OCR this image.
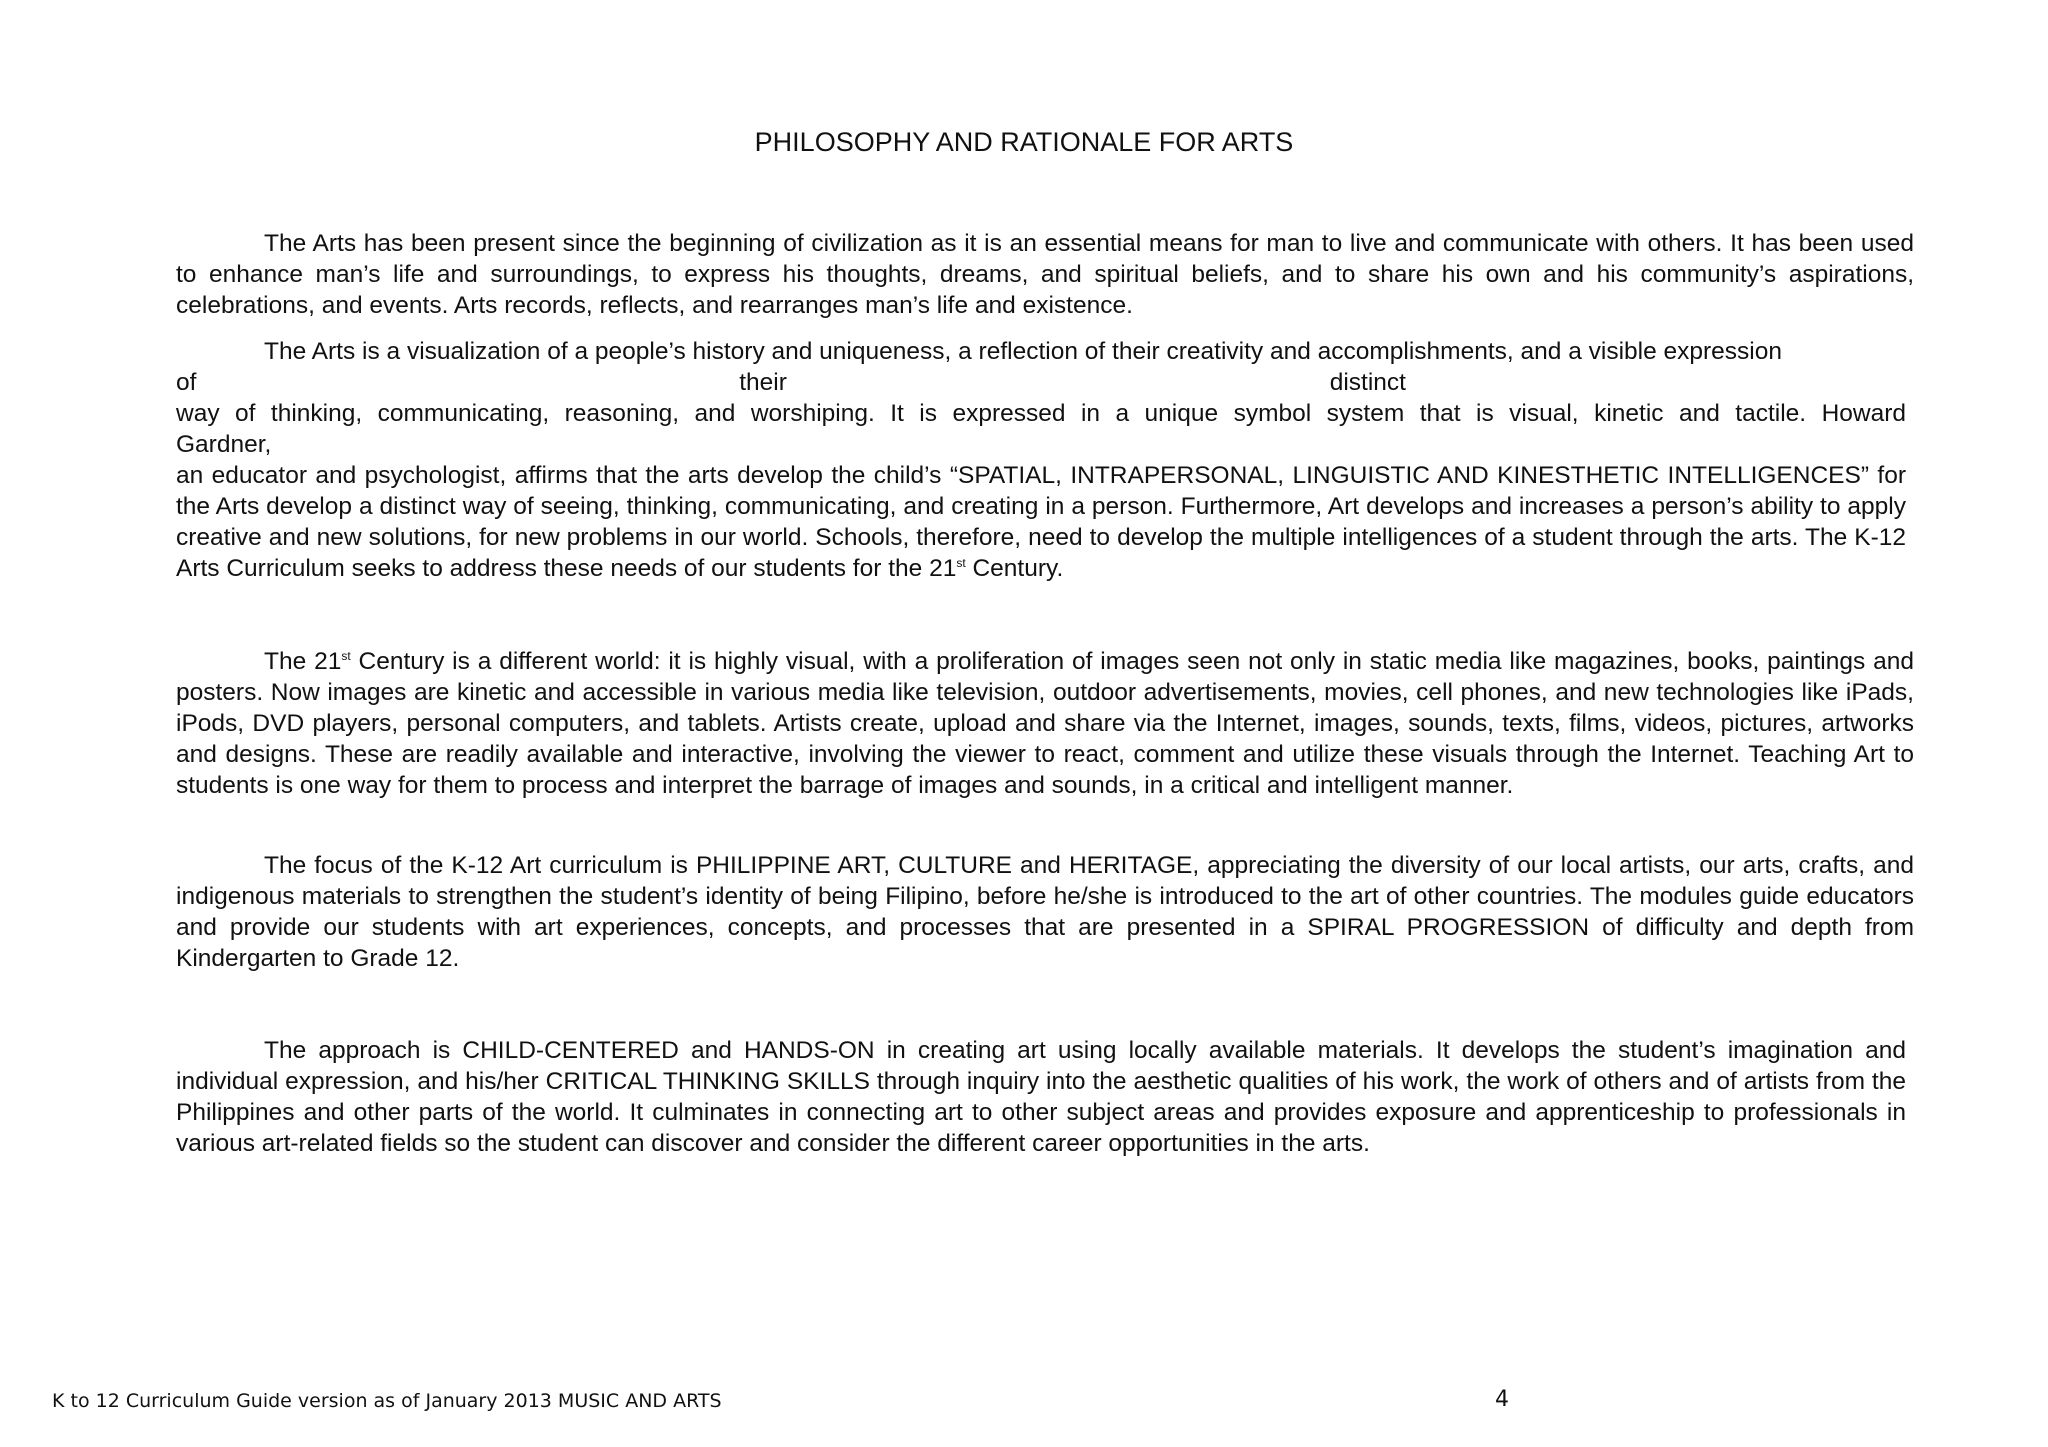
PHILOSOPHY AND RATIONALE FOR ARTS

The Arts has been present since the beginning of civilization as it is an essential means for man to live and communicate with others. It has been used to enhance man’s life and surroundings, to express his thoughts, dreams, and spiritual beliefs, and to share his own and his community’s aspirations, celebrations, and events. Arts records, reflects, and rearranges man’s life and existence.

The Arts is a visualization of a people’s history and uniqueness, a reflection of their creativity and accomplishments, and a visible expression

of	their	distinct

way of thinking, communicating, reasoning, and worshiping. It is expressed in a unique symbol system that is visual, kinetic and tactile. Howard

Gardner,

an educator and psychologist, affirms that the arts develop the child’s “SPATIAL, INTRAPERSONAL, LINGUISTIC AND KINESTHETIC INTELLIGENCES” for the Arts develop a distinct way of seeing, thinking, communicating, and creating in a person. Furthermore, Art develops and increases a person’s ability to apply creative and new solutions, for new problems in our world. Schools, therefore, need to develop the multiple intelligences of a student through the arts. The K-12 Arts Curriculum seeks to address these needs of our students for the 21st Century.

The 21st Century is a different world: it is highly visual, with a proliferation of images seen not only in static media like magazines, books, paintings and posters. Now images are kinetic and accessible in various media like television, outdoor advertisements, movies, cell phones, and new technologies like iPads, iPods, DVD players, personal computers, and tablets. Artists create, upload and share via the Internet, images, sounds, texts, films, videos, pictures, artworks and designs. These are readily available and interactive, involving the viewer to react, comment and utilize these visuals through the Internet. Teaching Art to students is one way for them to process and interpret the barrage of images and sounds, in a critical and intelligent manner.

The focus of the K-12 Art curriculum is PHILIPPINE ART, CULTURE and HERITAGE, appreciating the diversity of our local artists, our arts, crafts, and indigenous materials to strengthen the student’s identity of being Filipino, before he/she is introduced to the art of other countries. The modules guide educators and provide our students with art experiences, concepts, and processes that are presented in a SPIRAL PROGRESSION of difficulty and depth from Kindergarten to Grade 12.

The approach is CHILD-CENTERED and HANDS-ON in creating art using locally available materials. It develops the student’s imagination and individual expression, and his/her CRITICAL THINKING SKILLS through inquiry into the aesthetic qualities of his work, the work of others and of artists from the Philippines and other parts of the world. It culminates in connecting art to other subject areas and provides exposure and apprenticeship to professionals in various art-related fields so the student can discover and consider the different career opportunities in the arts.

K to 12 Curriculum Guide version as of January 2013 MUSIC AND ARTS	4
